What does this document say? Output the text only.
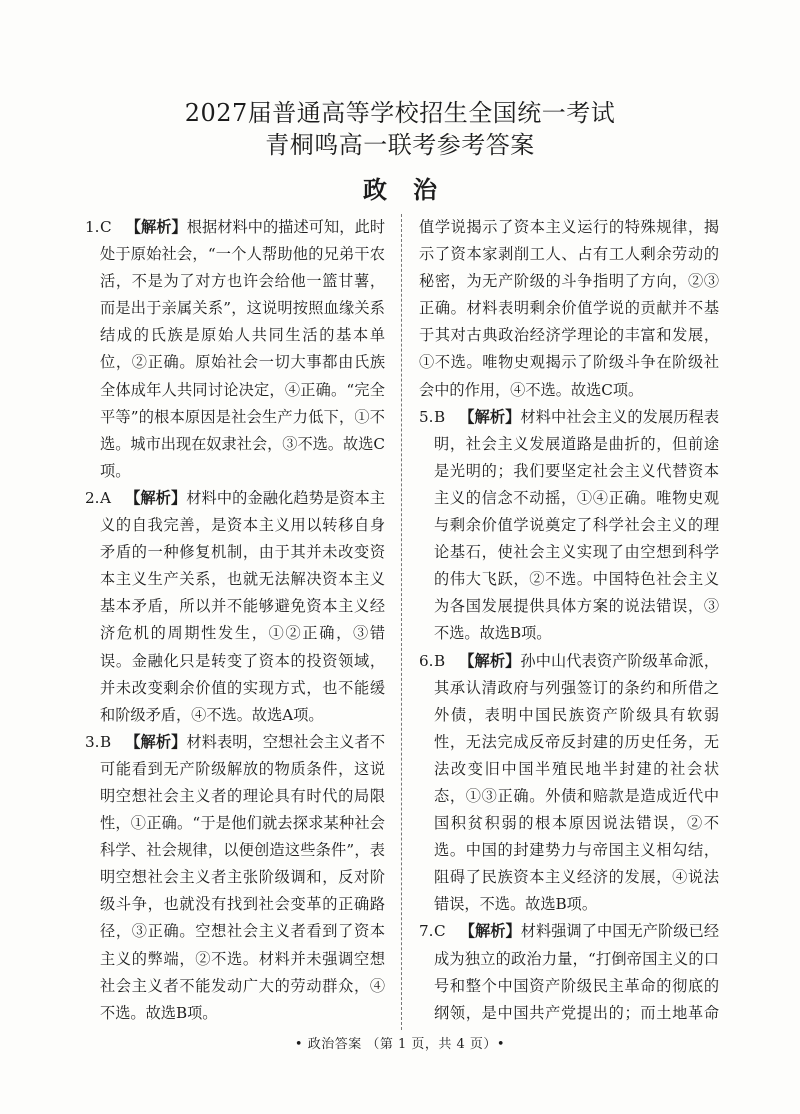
2027届普通高等学校招生全国统一考试
青桐鸣高一联考参考答案
政治
1. C 【解析】根据材料中的描述可知，此时处于原始社会，“一个人帮助他的兄弟干农活，不是为了对方也许会给他一篮甘薯，而是出于亲属关系”，这说明按照血缘关系结成的氏族是原始人共同生活的基本单位，②正确。原始社会一切大事都由氏族全体成年人共同讨论决定，④正确。“完全平等”的根本原因是社会生产力低下，①不选。城市出现在奴隶社会，③不选。故选C项。
2. A 【解析】材料中的金融化趋势是资本主义的自我完善，是资本主义用以转移自身矛盾的一种修复机制，由于其并未改变资本主义生产关系，也就无法解决资本主义基本矛盾，所以并不能够避免资本主义经济危机的周期性发生，①②正确，③错误。金融化只是转变了资本的投资领域，并未改变剩余价值的实现方式，也不能缓和阶级矛盾，④不选。故选A项。
3. B 【解析】材料表明，空想社会主义者不可能看到无产阶级解放的物质条件，这说明空想社会主义者的理论具有时代的局限性，①正确。“于是他们就去探求某种社会科学、社会规律，以便创造这些条件”，表明空想社会主义者主张阶级调和，反对阶级斗争，也就没有找到社会变革的正确路径，③正确。空想社会主义者看到了资本主义的弊端，②不选。材料并未强调空想社会主义者不能发动广大的劳动群众，④不选。故选B项。
值学说揭示了资本主义运行的特殊规律，揭示了资本家剥削工人、占有工人剩余劳动的秘密，为无产阶级的斗争指明了方向，②③正确。材料表明剩余价值学说的贡献并不基于其对古典政治经济学理论的丰富和发展，①不选。唯物史观揭示了阶级斗争在阶级社会中的作用，④不选。故选C项。
5. B 【解析】材料中社会主义的发展历程表明，社会主义发展道路是曲折的，但前途是光明的；我们要坚定社会主义代替资本主义的信念不动摇，①④正确。唯物史观与剩余价值学说奠定了科学社会主义的理论基石，使社会主义实现了由空想到科学的伟大飞跃，②不选。中国特色社会主义为各国发展提供具体方案的说法错误，③不选。故选B项。
6. B 【解析】孙中山代表资产阶级革命派，其承认清政府与列强签订的条约和所借之外债，表明中国民族资产阶级具有软弱性，无法完成反帝反封建的历史任务，无法改变旧中国半殖民地半封建的社会状态，①③正确。外债和赔款是造成近代中国积贫积弱的根本原因说法错误，②不选。中国的封建势力与帝国主义相勾结，阻碍了民族资本主义经济的发展，④说法错误，不选。故选B项。
7. C 【解析】材料强调了中国无产阶级已经成为独立的政治力量，“打倒帝国主义的口号和整个中国资产阶级民主革命的彻底的纲领，是中国共产党提出的；而土地革命
• 政治答案 （第 1 页，共 4 页）•
